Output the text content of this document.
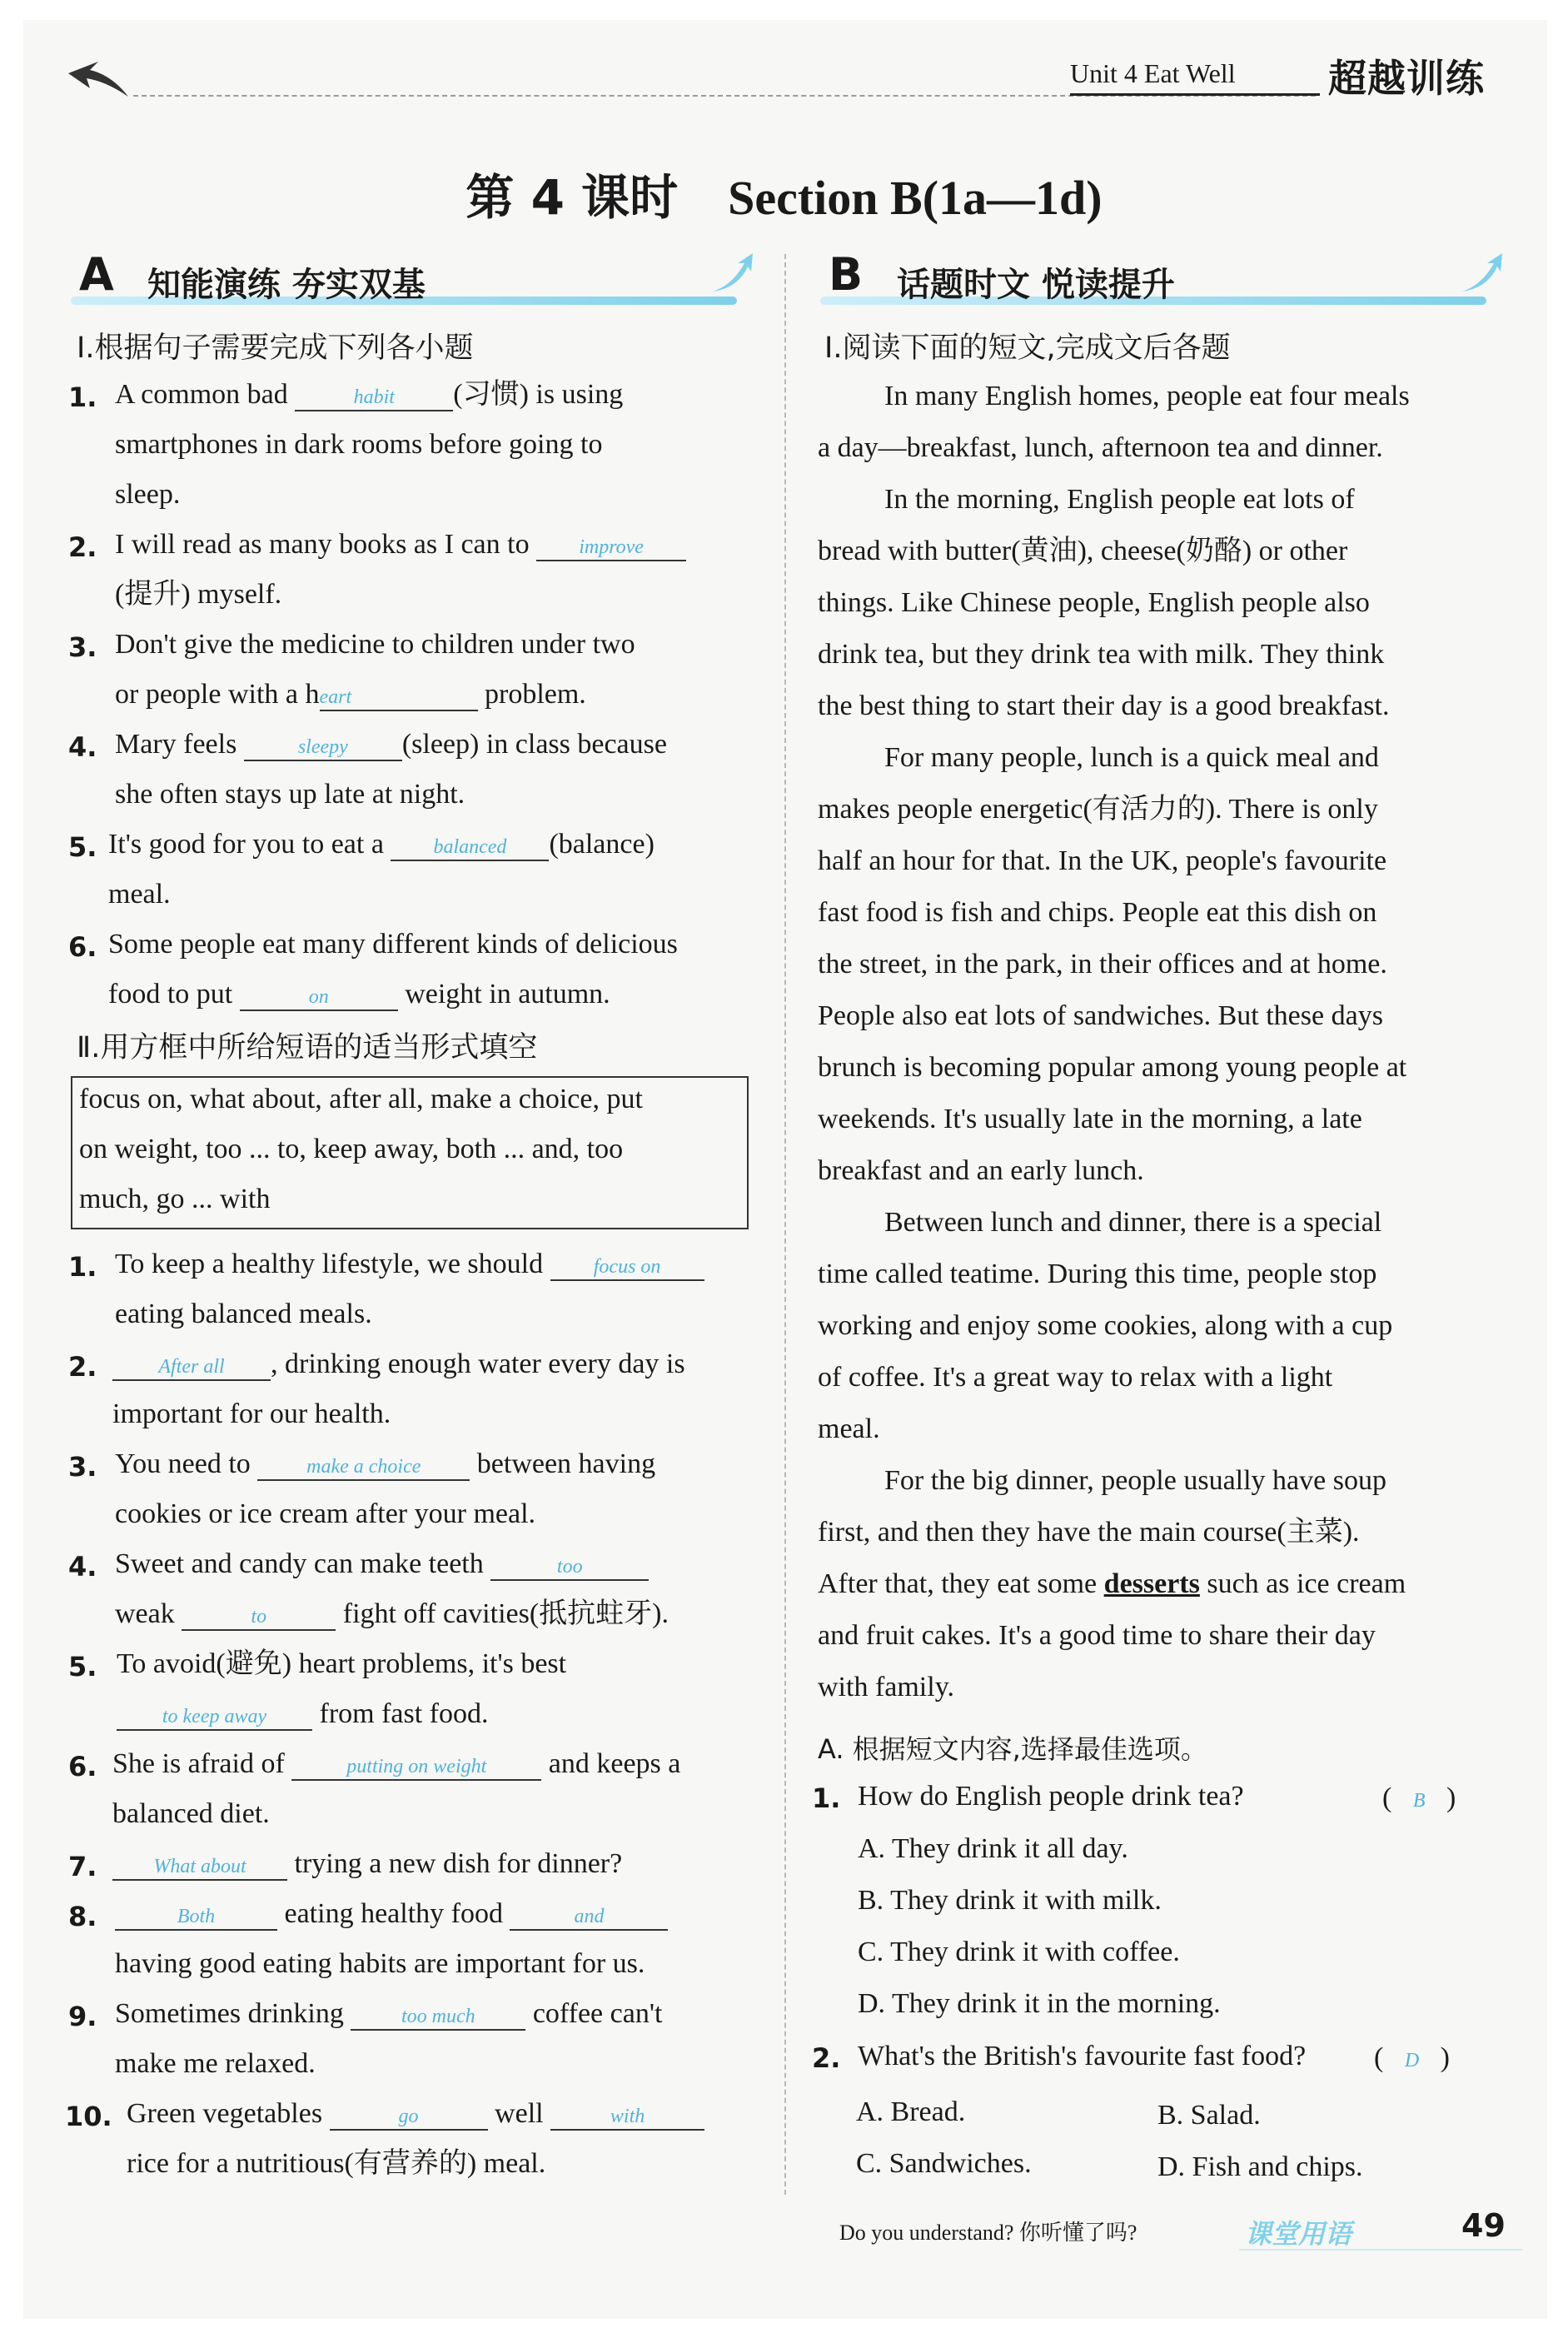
Unit 4 Eat Well 超越训练
第 4 课时 Section B(1a—1d)
A 知能演练 夯实双基	B 话题时文 悦读提升
Ⅰ.根据句子需要完成下列各小题
1. A common bad	habit (习惯) is using
smartphones in dark rooms before going to
sleep.
2. I will read as many books as I can to improve
(提升) myself.
3. Don't give the medicine to children under two
or people with a heart	problem.
4. Mary feels	sleepy (sleep) in class because
she often stays up late at night.
5. It's good for you to eat a balanced (balance)
meal.
6. Some people eat many different kinds of delicious
food to put	on	weight in autumn.
Ⅱ.用方框中所给短语的适当形式填空
focus on, what about, after all, make a choice, put
on weight, too ... to, keep away, both ... and, too
much, go ... with
1. To keep a healthy lifestyle, we should	focus on
eating balanced meals.
2.	After all , drinking enough water every day is
important for our health.
3. You need to	make a choice between having
cookies or ice cream after your meal.
4. Sweet and candy can make teeth	too
weak	to	fight off cavities(抵抗蛀牙).
5. To avoid(避免) heart problems, it's best
to keep away from fast food.
6. She is afraid of	putting on weight and keeps a
balanced diet.
7.	What about trying a new dish for dinner?
8.	Both eating healthy food	and
having good eating habits are important for us.
9. Sometimes drinking	too much coffee can't
make me relaxed.
10. Green vegetables	go	well	with
rice for a nutritious(有营养的) meal.
Ⅰ.阅读下面的短文,完成文后各题
In many English homes, people eat four meals
a day—breakfast, lunch, afternoon tea and dinner.
In the morning, English people eat lots of
bread with butter(黄油), cheese(奶酪) or other
things. Like Chinese people, English people also
drink tea, but they drink tea with milk. They think
the best thing to start their day is a good breakfast.
For many people, lunch is a quick meal and
makes people energetic(有活力的). There is only
half an hour for that. In the UK, people's favourite
fast food is fish and chips. People eat this dish on
the street, in the park, in their offices and at home.
People also eat lots of sandwiches. But these days
brunch is becoming popular among young people at
weekends. It's usually late in the morning, a late
breakfast and an early lunch.
Between lunch and dinner, there is a special
time called teatime. During this time, people stop
working and enjoy some cookies, along with a cup
of coffee. It's a great way to relax with a light
meal.
For the big dinner, people usually have soup
first, and then they have the main course(主菜).
After that, they eat some desserts such as ice cream
and fruit cakes. It's a good time to share their day
with family.
A. 根据短文内容,选择最佳选项。
1. How do English people drink tea?	(   B   )
A. They drink it all day.
B. They drink it with milk.
C. They drink it with coffee.
D. They drink it in the morning.
2. What's the British's favourite fast food? (   D   )
A. Bread.	B. Salad.
C. Sandwiches.	D. Fish and chips.
Do you understand? 你听懂了吗?	课堂用语	49
